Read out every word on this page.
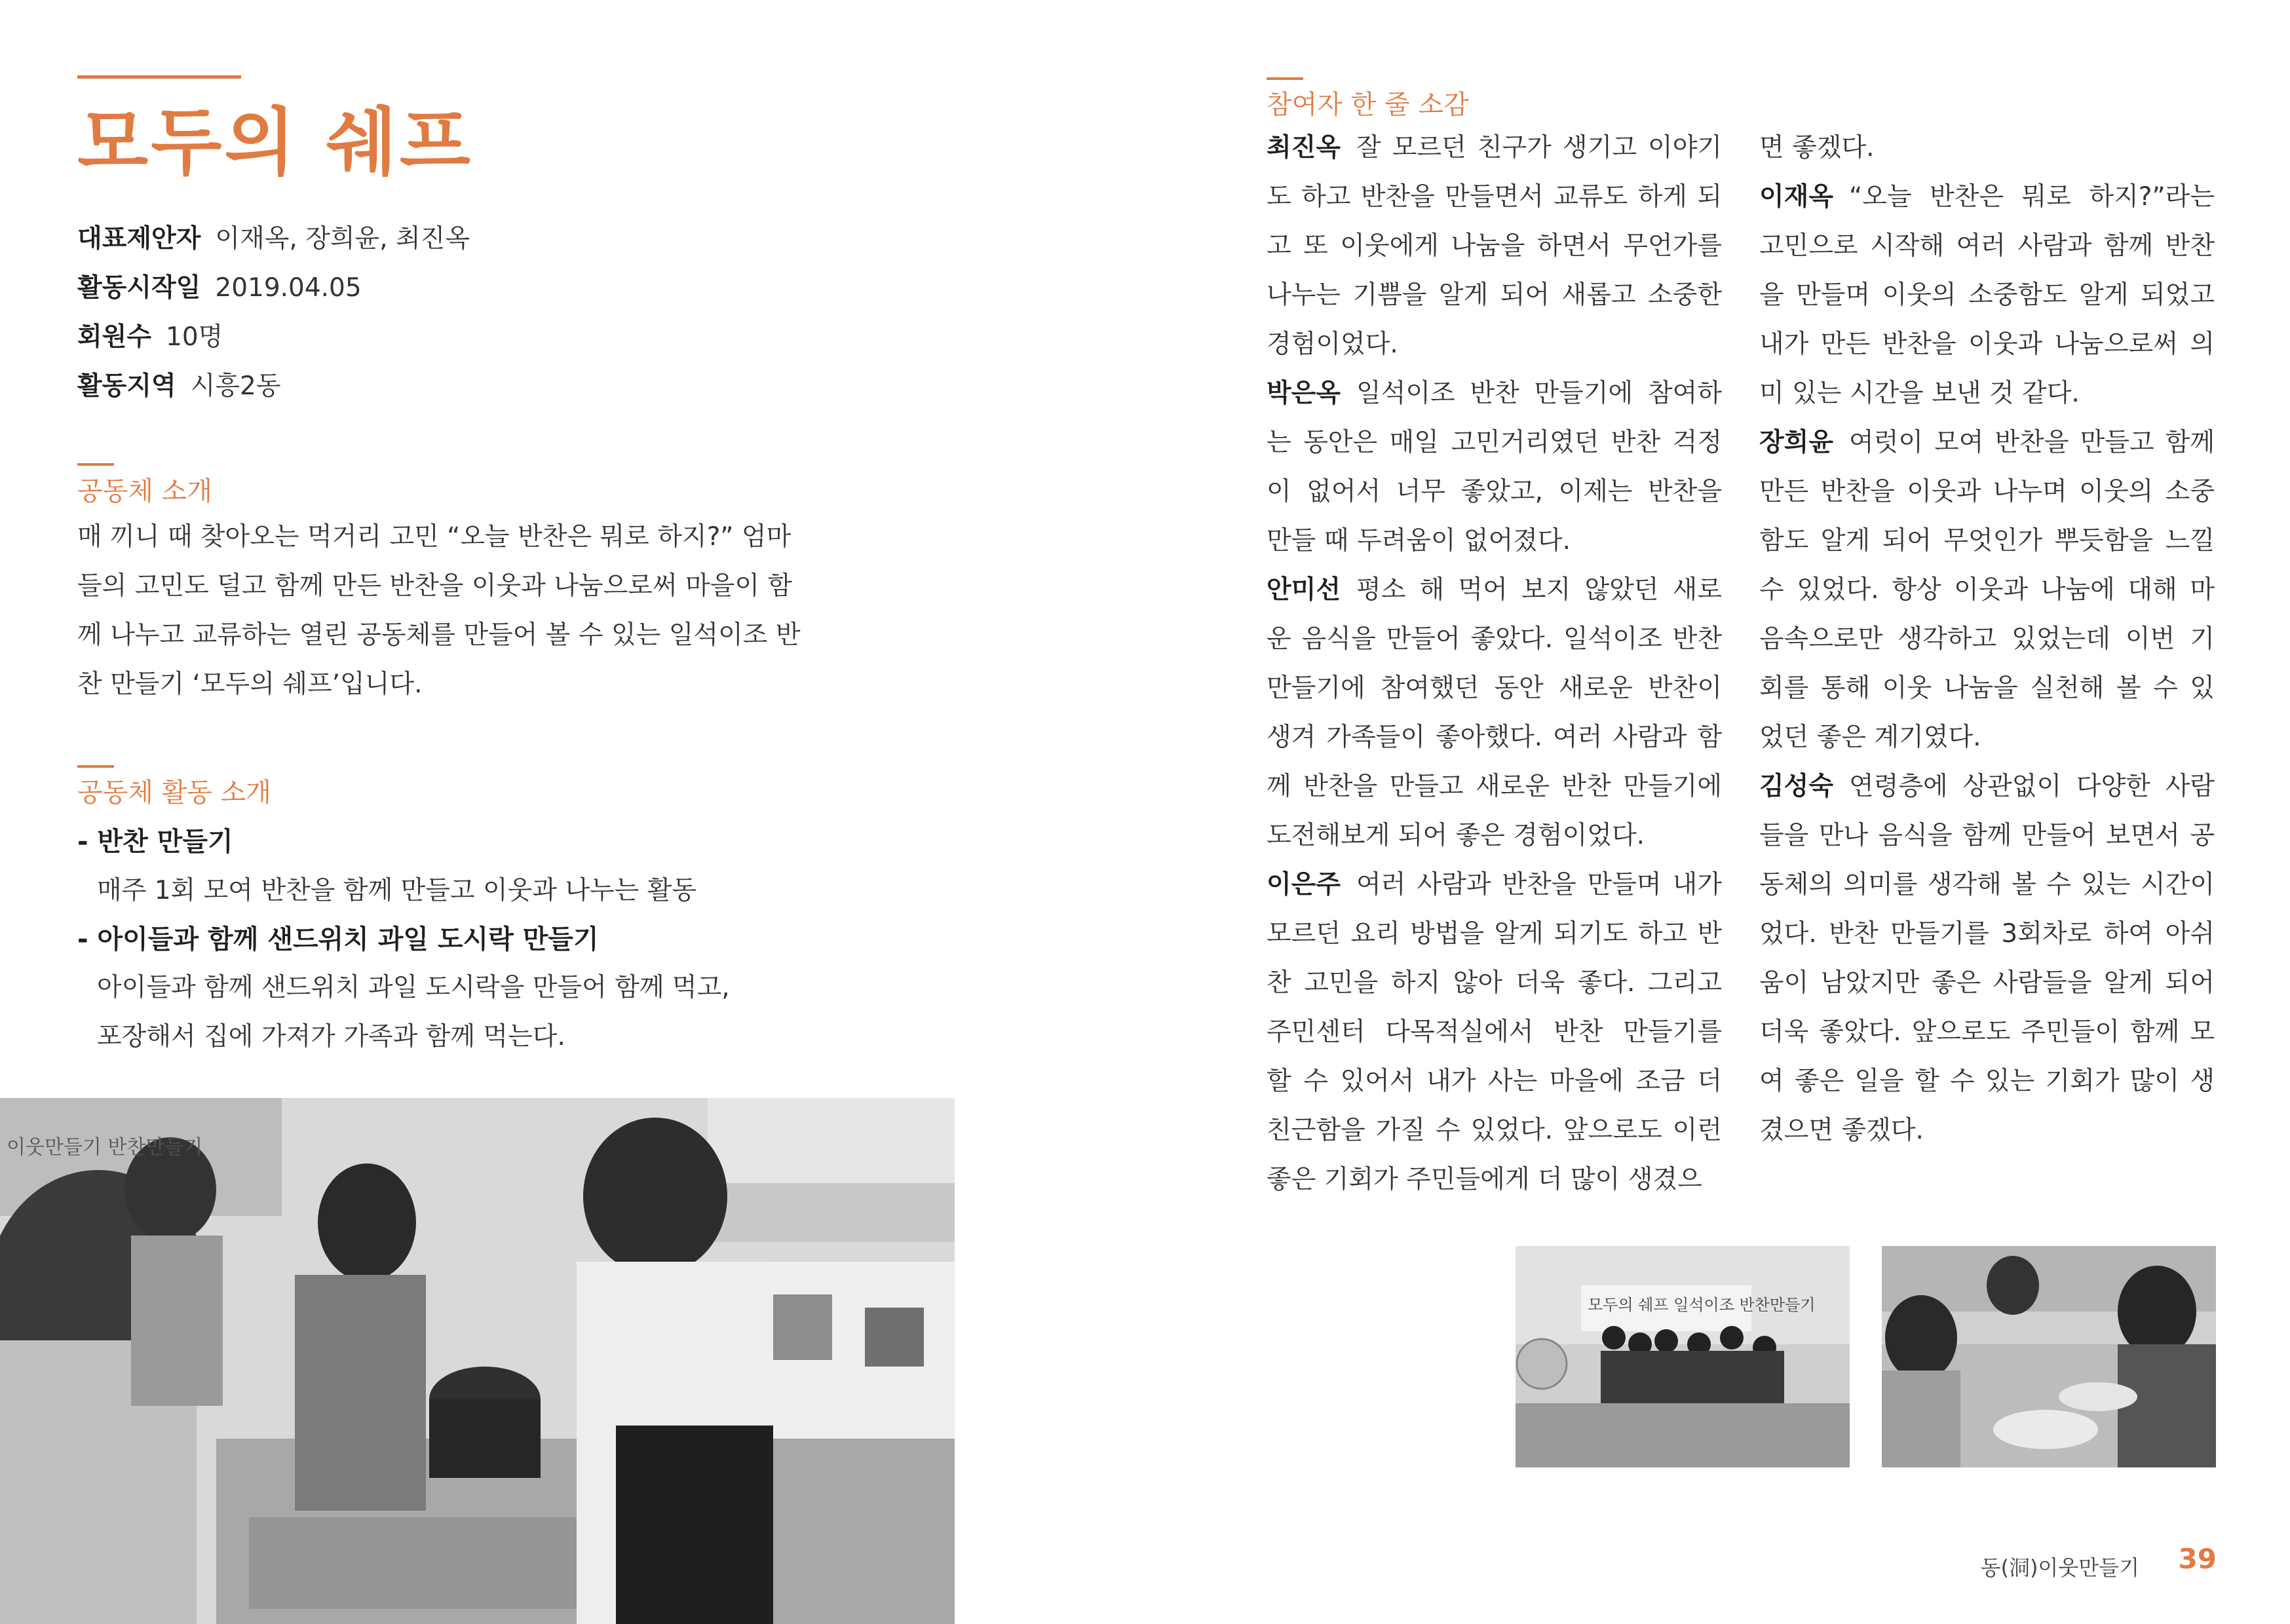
모두의 쉐프
대표제안자 이재옥, 장희윤, 최진옥
활동시작일 2019.04.05
회원수 10명
활동지역 시흥2동
공동체 소개
매 끼니 때 찾아오는 먹거리 고민 “오늘 반찬은 뭐로 하지?” 엄마
들의 고민도 덜고 함께 만든 반찬을 이웃과 나눔으로써 마을이 함
께 나누고 교류하는 열린 공동체를 만들어 볼 수 있는 일석이조 반
찬 만들기 ‘모두의 쉐프’입니다.
공동체 활동 소개
- 반찬 만들기
매주 1회 모여 반찬을 함께 만들고 이웃과 나누는 활동
- 아이들과 함께 샌드위치 과일 도시락 만들기
아이들과 함께 샌드위치 과일 도시락을 만들어 함께 먹고,
포장해서 집에 가져가 가족과 함께 먹는다.
이웃만들기 반찬만들기
참여자 한 줄 소감
최진옥 잘 모르던 친구가 생기고 이야기
도 하고 반찬을 만들면서 교류도 하게 되
고 또 이웃에게 나눔을 하면서 무언가를
나누는 기쁨을 알게 되어 새롭고 소중한
경험이었다.
박은옥 일석이조 반찬 만들기에 참여하
는 동안은 매일 고민거리였던 반찬 걱정
이 없어서 너무 좋았고, 이제는 반찬을
만들 때 두려움이 없어졌다.
안미선 평소 해 먹어 보지 않았던 새로
운 음식을 만들어 좋았다. 일석이조 반찬
만들기에 참여했던 동안 새로운 반찬이
생겨 가족들이 좋아했다. 여러 사람과 함
께 반찬을 만들고 새로운 반찬 만들기에
도전해보게 되어 좋은 경험이었다.
이은주 여러 사람과 반찬을 만들며 내가
모르던 요리 방법을 알게 되기도 하고 반
찬 고민을 하지 않아 더욱 좋다. 그리고
주민센터 다목적실에서 반찬 만들기를
할 수 있어서 내가 사는 마을에 조금 더
친근함을 가질 수 있었다. 앞으로도 이런
좋은 기회가 주민들에게 더 많이 생겼으
면 좋겠다.
이재옥 “오늘 반찬은 뭐로 하지?”라는
고민으로 시작해 여러 사람과 함께 반찬
을 만들며 이웃의 소중함도 알게 되었고
내가 만든 반찬을 이웃과 나눔으로써 의
미 있는 시간을 보낸 것 같다.
장희윤 여럿이 모여 반찬을 만들고 함께
만든 반찬을 이웃과 나누며 이웃의 소중
함도 알게 되어 무엇인가 뿌듯함을 느낄
수 있었다. 항상 이웃과 나눔에 대해 마
음속으로만 생각하고 있었는데 이번 기
회를 통해 이웃 나눔을 실천해 볼 수 있
었던 좋은 계기였다.
김성숙 연령층에 상관없이 다양한 사람
들을 만나 음식을 함께 만들어 보면서 공
동체의 의미를 생각해 볼 수 있는 시간이
었다. 반찬 만들기를 3회차로 하여 아쉬
움이 남았지만 좋은 사람들을 알게 되어
더욱 좋았다. 앞으로도 주민들이 함께 모
여 좋은 일을 할 수 있는 기회가 많이 생
겼으면 좋겠다.
모두의 쉐프 일석이조 반찬만들기
동(洞)이웃만들기 39
